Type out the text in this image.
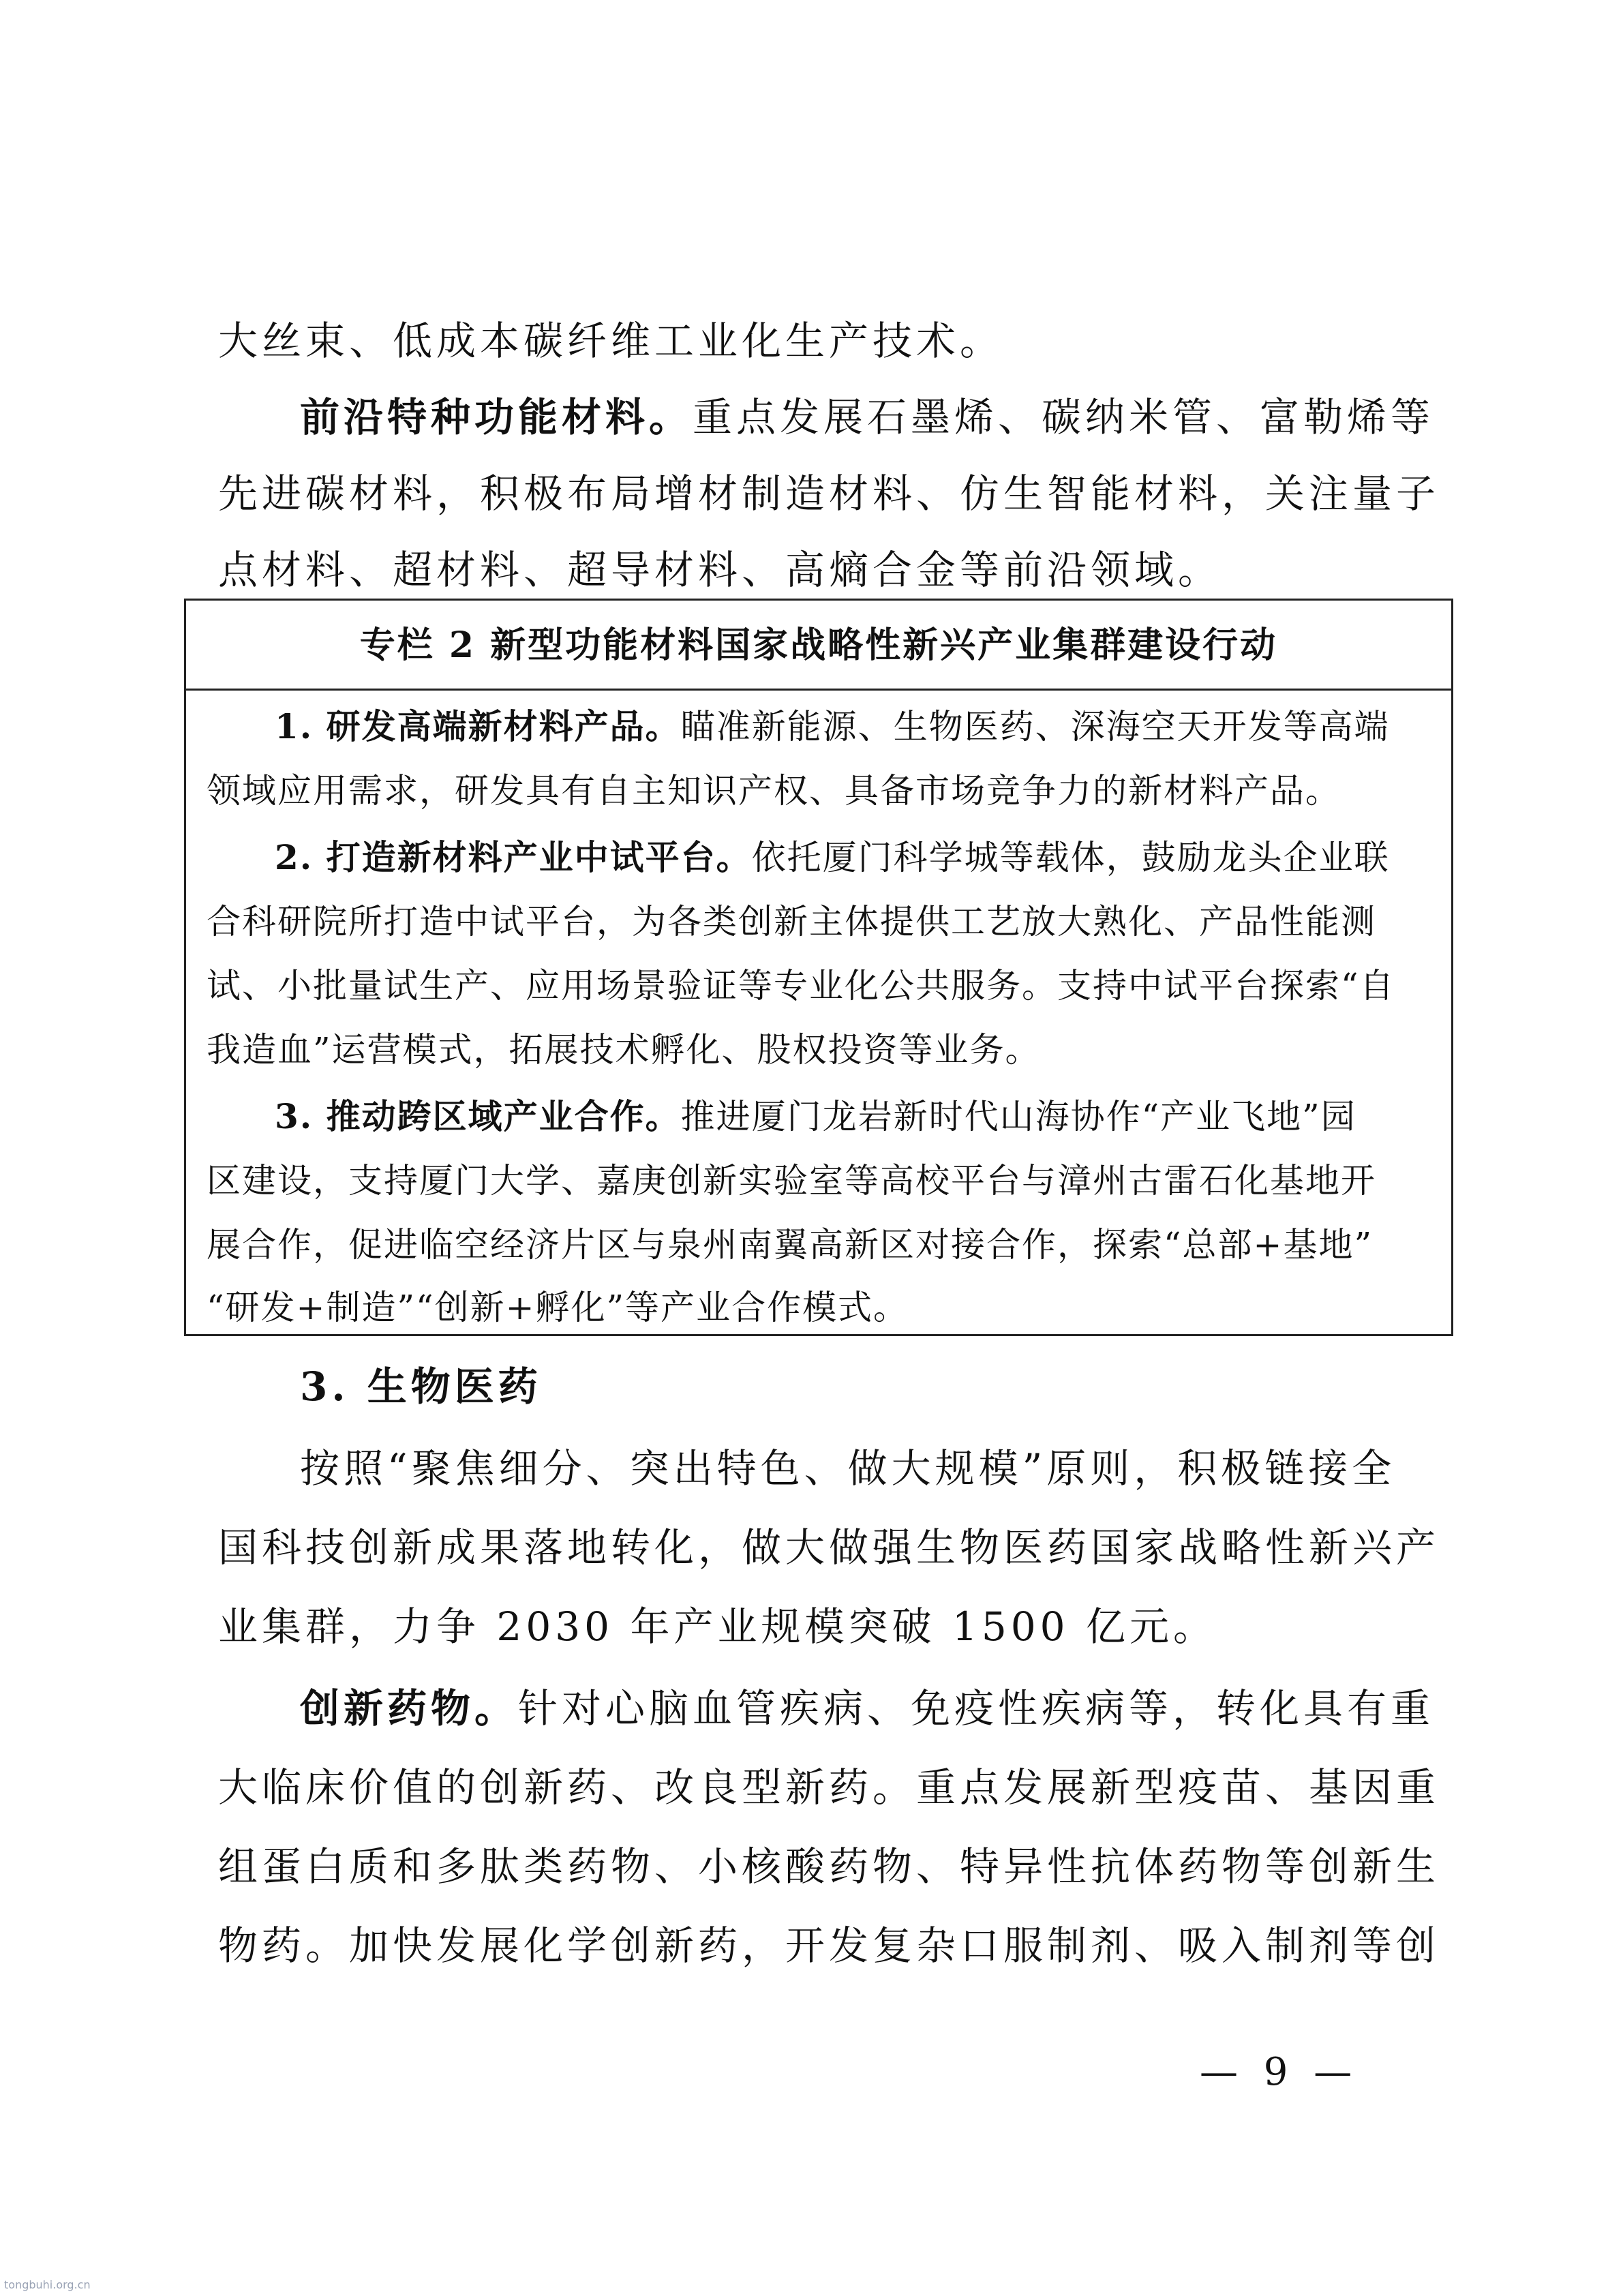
大丝束、低成本碳纤维工业化生产技术。
前沿特种功能材料。重点发展石墨烯、碳纳米管、富勒烯等
先进碳材料，积极布局增材制造材料、仿生智能材料，关注量子
点材料、超材料、超导材料、高熵合金等前沿领域。
专栏 2 新型功能材料国家战略性新兴产业集群建设行动
1. 研发高端新材料产品。瞄准新能源、生物医药、深海空天开发等高端
领域应用需求，研发具有自主知识产权、具备市场竞争力的新材料产品。
2. 打造新材料产业中试平台。依托厦门科学城等载体，鼓励龙头企业联
合科研院所打造中试平台，为各类创新主体提供工艺放大熟化、产品性能测
试、小批量试生产、应用场景验证等专业化公共服务。支持中试平台探索“自
我造血”运营模式，拓展技术孵化、股权投资等业务。
3. 推动跨区域产业合作。推进厦门龙岩新时代山海协作“产业飞地”园
区建设，支持厦门大学、嘉庚创新实验室等高校平台与漳州古雷石化基地开
展合作，促进临空经济片区与泉州南翼高新区对接合作，探索“总部+基地”
“研发+制造”“创新+孵化”等产业合作模式。
3. 生物医药
按照“聚焦细分、突出特色、做大规模”原则，积极链接全
国科技创新成果落地转化，做大做强生物医药国家战略性新兴产
业集群，力争 2030 年产业规模突破 1500 亿元。
创新药物。针对心脑血管疾病、免疫性疾病等，转化具有重
大临床价值的创新药、改良型新药。重点发展新型疫苗、基因重
组蛋白质和多肽类药物、小核酸药物、特异性抗体药物等创新生
物药。加快发展化学创新药，开发复杂口服制剂、吸入制剂等创
— 9 —
tongbuhi.org.cn
